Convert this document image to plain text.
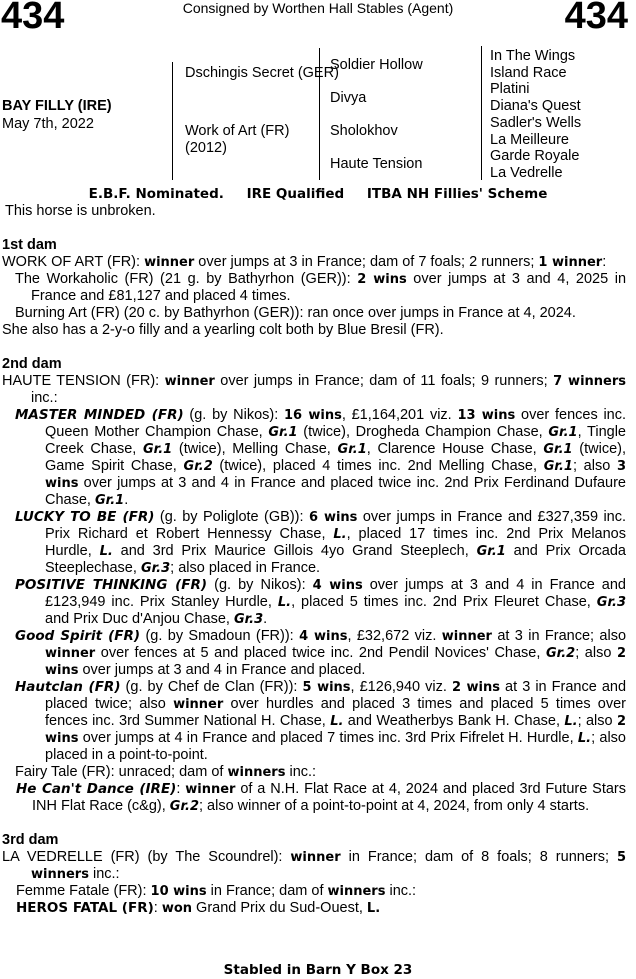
434	Consigned by Worthen Hall Stables (Agent)	434
BAY FILLY (IRE)
May 7th, 2022
Dschingis Secret (GER)
Work of Art (FR)
(2012)
Soldier Hollow
Divya
Sholokhov
Haute Tension
In The Wings
Island Race
Platini
Diana's Quest
Sadler's Wells
La Meilleure
Garde Royale
La Vedrelle
E.B.F. Nominated. IRE Qualified ITBA NH Fillies' Scheme
This horse is unbroken.
1st dam
WORK OF ART (FR): winner over jumps at 3 in France; dam of 7 foals; 2 runners; 1 winner:
The Workaholic (FR) (21 g. by Bathyrhon (GER)): 2 wins over jumps at 3 and 4, 2025 in France and £81,127 and placed 4 times.
Burning Art (FR) (20 c. by Bathyrhon (GER)): ran once over jumps in France at 4, 2024.
She also has a 2-y-o filly and a yearling colt both by Blue Bresil (FR).
2nd dam
HAUTE TENSION (FR): winner over jumps in France; dam of 11 foals; 9 runners; 7 winners inc.:
MASTER MINDED (FR) (g. by Nikos): 16 wins, £1,164,201 viz. 13 wins over fences inc. Queen Mother Champion Chase, Gr.1 (twice), Drogheda Champion Chase, Gr.1, Tingle Creek Chase, Gr.1 (twice), Melling Chase, Gr.1, Clarence House Chase, Gr.1 (twice), Game Spirit Chase, Gr.2 (twice), placed 4 times inc. 2nd Melling Chase, Gr.1; also 3 wins over jumps at 3 and 4 in France and placed twice inc. 2nd Prix Ferdinand Dufaure Chase, Gr.1.
LUCKY TO BE (FR) (g. by Poliglote (GB)): 6 wins over jumps in France and £327,359 inc. Prix Richard et Robert Hennessy Chase, L., placed 17 times inc. 2nd Prix Melanos Hurdle, L. and 3rd Prix Maurice Gillois 4yo Grand Steeplech, Gr.1 and Prix Orcada Steeplechase, Gr.3; also placed in France.
POSITIVE THINKING (FR) (g. by Nikos): 4 wins over jumps at 3 and 4 in France and £123,949 inc. Prix Stanley Hurdle, L., placed 5 times inc. 2nd Prix Fleuret Chase, Gr.3 and Prix Duc d'Anjou Chase, Gr.3.
Good Spirit (FR) (g. by Smadoun (FR)): 4 wins, £32,672 viz. winner at 3 in France; also winner over fences at 5 and placed twice inc. 2nd Pendil Novices' Chase, Gr.2; also 2 wins over jumps at 3 and 4 in France and placed.
Hautclan (FR) (g. by Chef de Clan (FR)): 5 wins, £126,940 viz. 2 wins at 3 in France and placed twice; also winner over hurdles and placed 3 times and placed 5 times over fences inc. 3rd Summer National H. Chase, L. and Weatherbys Bank H. Chase, L.; also 2 wins over jumps at 4 in France and placed 7 times inc. 3rd Prix Fifrelet H. Hurdle, L.; also placed in a point-to-point.
Fairy Tale (FR): unraced; dam of winners inc.:
He Can't Dance (IRE): winner of a N.H. Flat Race at 4, 2024 and placed 3rd Future Stars INH Flat Race (c&g), Gr.2; also winner of a point-to-point at 4, 2024, from only 4 starts.
3rd dam
LA VEDRELLE (FR) (by The Scoundrel): winner in France; dam of 8 foals; 8 runners; 5 winners inc.:
Femme Fatale (FR): 10 wins in France; dam of winners inc.:
HEROS FATAL (FR): won Grand Prix du Sud-Ouest, L.
Stabled in Barn Y Box 23
